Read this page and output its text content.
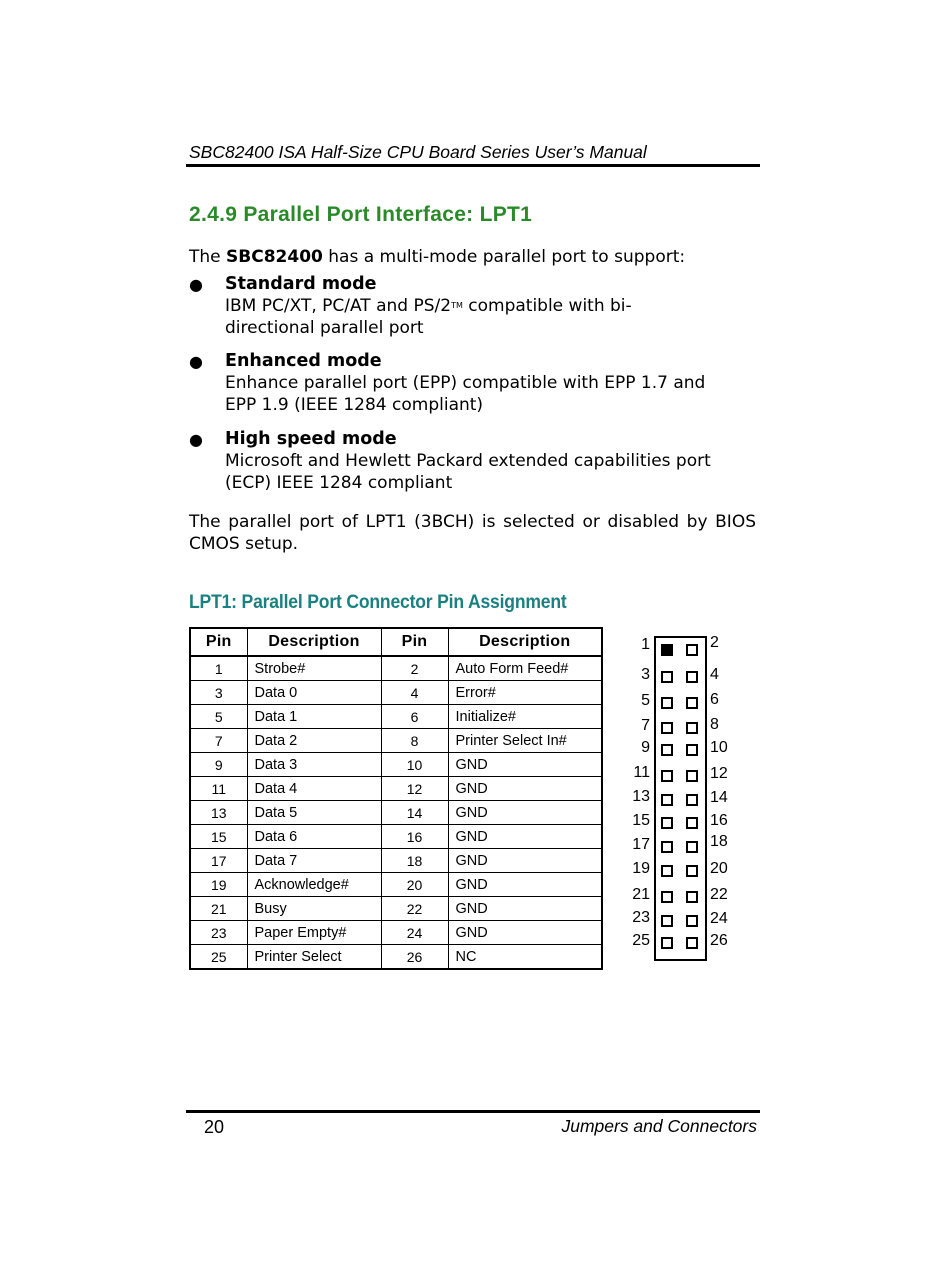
SBC82400 ISA Half-Size CPU Board Series User’s Manual
2.4.9 Parallel Port Interface: LPT1
The SBC82400 has a multi-mode parallel port to support:
● Standard mode
IBM PC/XT, PC/AT and PS/2TM compatible with bi-
directional parallel port
● Enhanced mode
Enhance parallel port (EPP) compatible with EPP 1.7 and
EPP 1.9 (IEEE 1284 compliant)
● High speed mode
Microsoft and Hewlett Packard extended capabilities port
(ECP) IEEE 1284 compliant
The parallel port of LPT1 (3BCH) is selected or disabled by BIOS CMOS setup.
LPT1: Parallel Port Connector Pin Assignment
Pin	Description	Pin	Description
1	Strobe#	2	Auto Form Feed#
3	Data 0	4	Error#
5	Data 1	6	Initialize#
7	Data 2	8	Printer Select In#
9	Data 3	10	GND
11	Data 4	12	GND
13	Data 5	14	GND
15	Data 6	16	GND
17	Data 7	18	GND
19	Acknowledge#	20	GND
21	Busy	22	GND
23	Paper Empty#	24	GND
25	Printer Select	26	NC
1	2
3	4
5	6
7	8
9	10
11	12
13	14
15	16
17	18
19	20
21	22
23	24
25	26
20	Jumpers and Connectors
